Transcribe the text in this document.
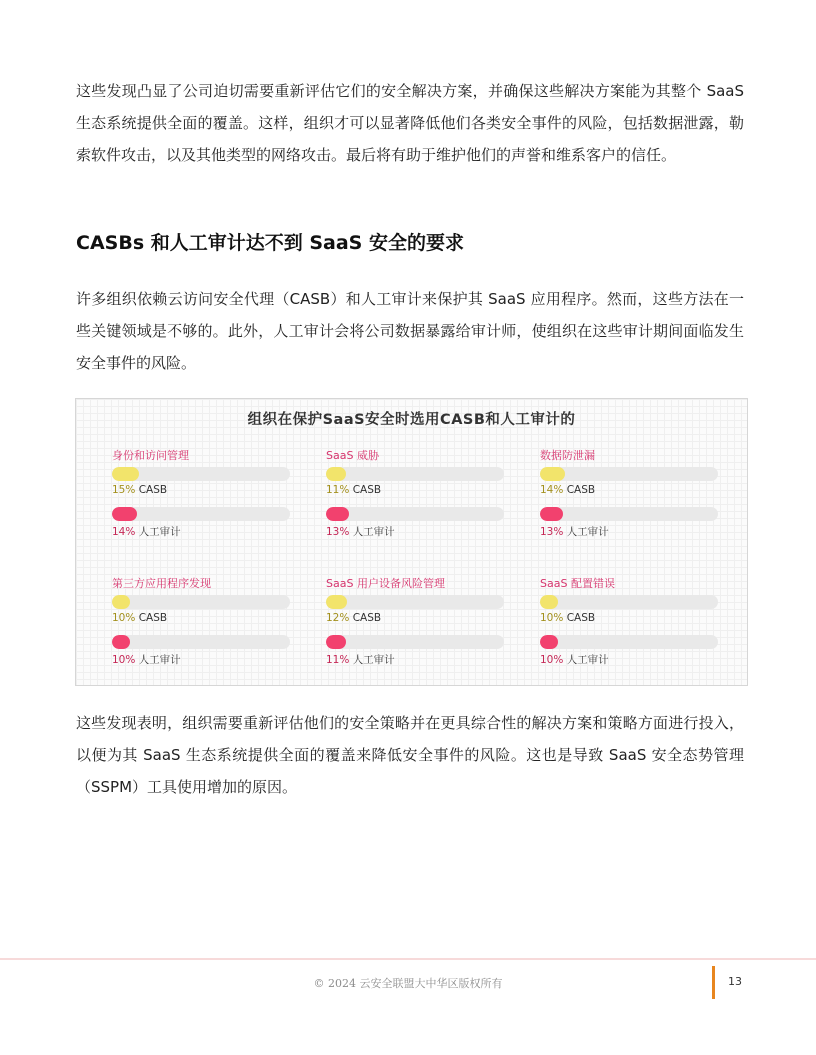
这些发现凸显了公司迫切需要重新评估它们的安全解决方案，并确保这些解决方案能为其整个 SaaS 生态系统提供全面的覆盖。这样，组织才可以显著降低他们各类安全事件的风险，包括数据泄露，勒索软件攻击，以及其他类型的网络攻击。最后将有助于维护他们的声誉和维系客户的信任。

CASBs 和人工审计达不到 SaaS 安全的要求

许多组织依赖云访问安全代理（CASB）和人工审计来保护其 SaaS 应用程序。然而，这些方法在一些关键领域是不够的。此外，人工审计会将公司数据暴露给审计师，使组织在这些审计期间面临发生安全事件的风险。

组织在保护SaaS安全时选用CASB和人工审计的
身份和访问管理
15% CASB
14% 人工审计
SaaS 威胁
11% CASB
13% 人工审计
数据防泄漏
14% CASB
13% 人工审计
第三方应用程序发现
10% CASB
10% 人工审计
SaaS 用户设备风险管理
12% CASB
11% 人工审计
SaaS 配置错误
10% CASB
10% 人工审计

这些发现表明，组织需要重新评估他们的安全策略并在更具综合性的解决方案和策略方面进行投入，以便为其 SaaS 生态系统提供全面的覆盖来降低安全事件的风险。这也是导致 SaaS 安全态势管理（SSPM）工具使用增加的原因。

© 2024 云安全联盟大中华区版权所有	13
